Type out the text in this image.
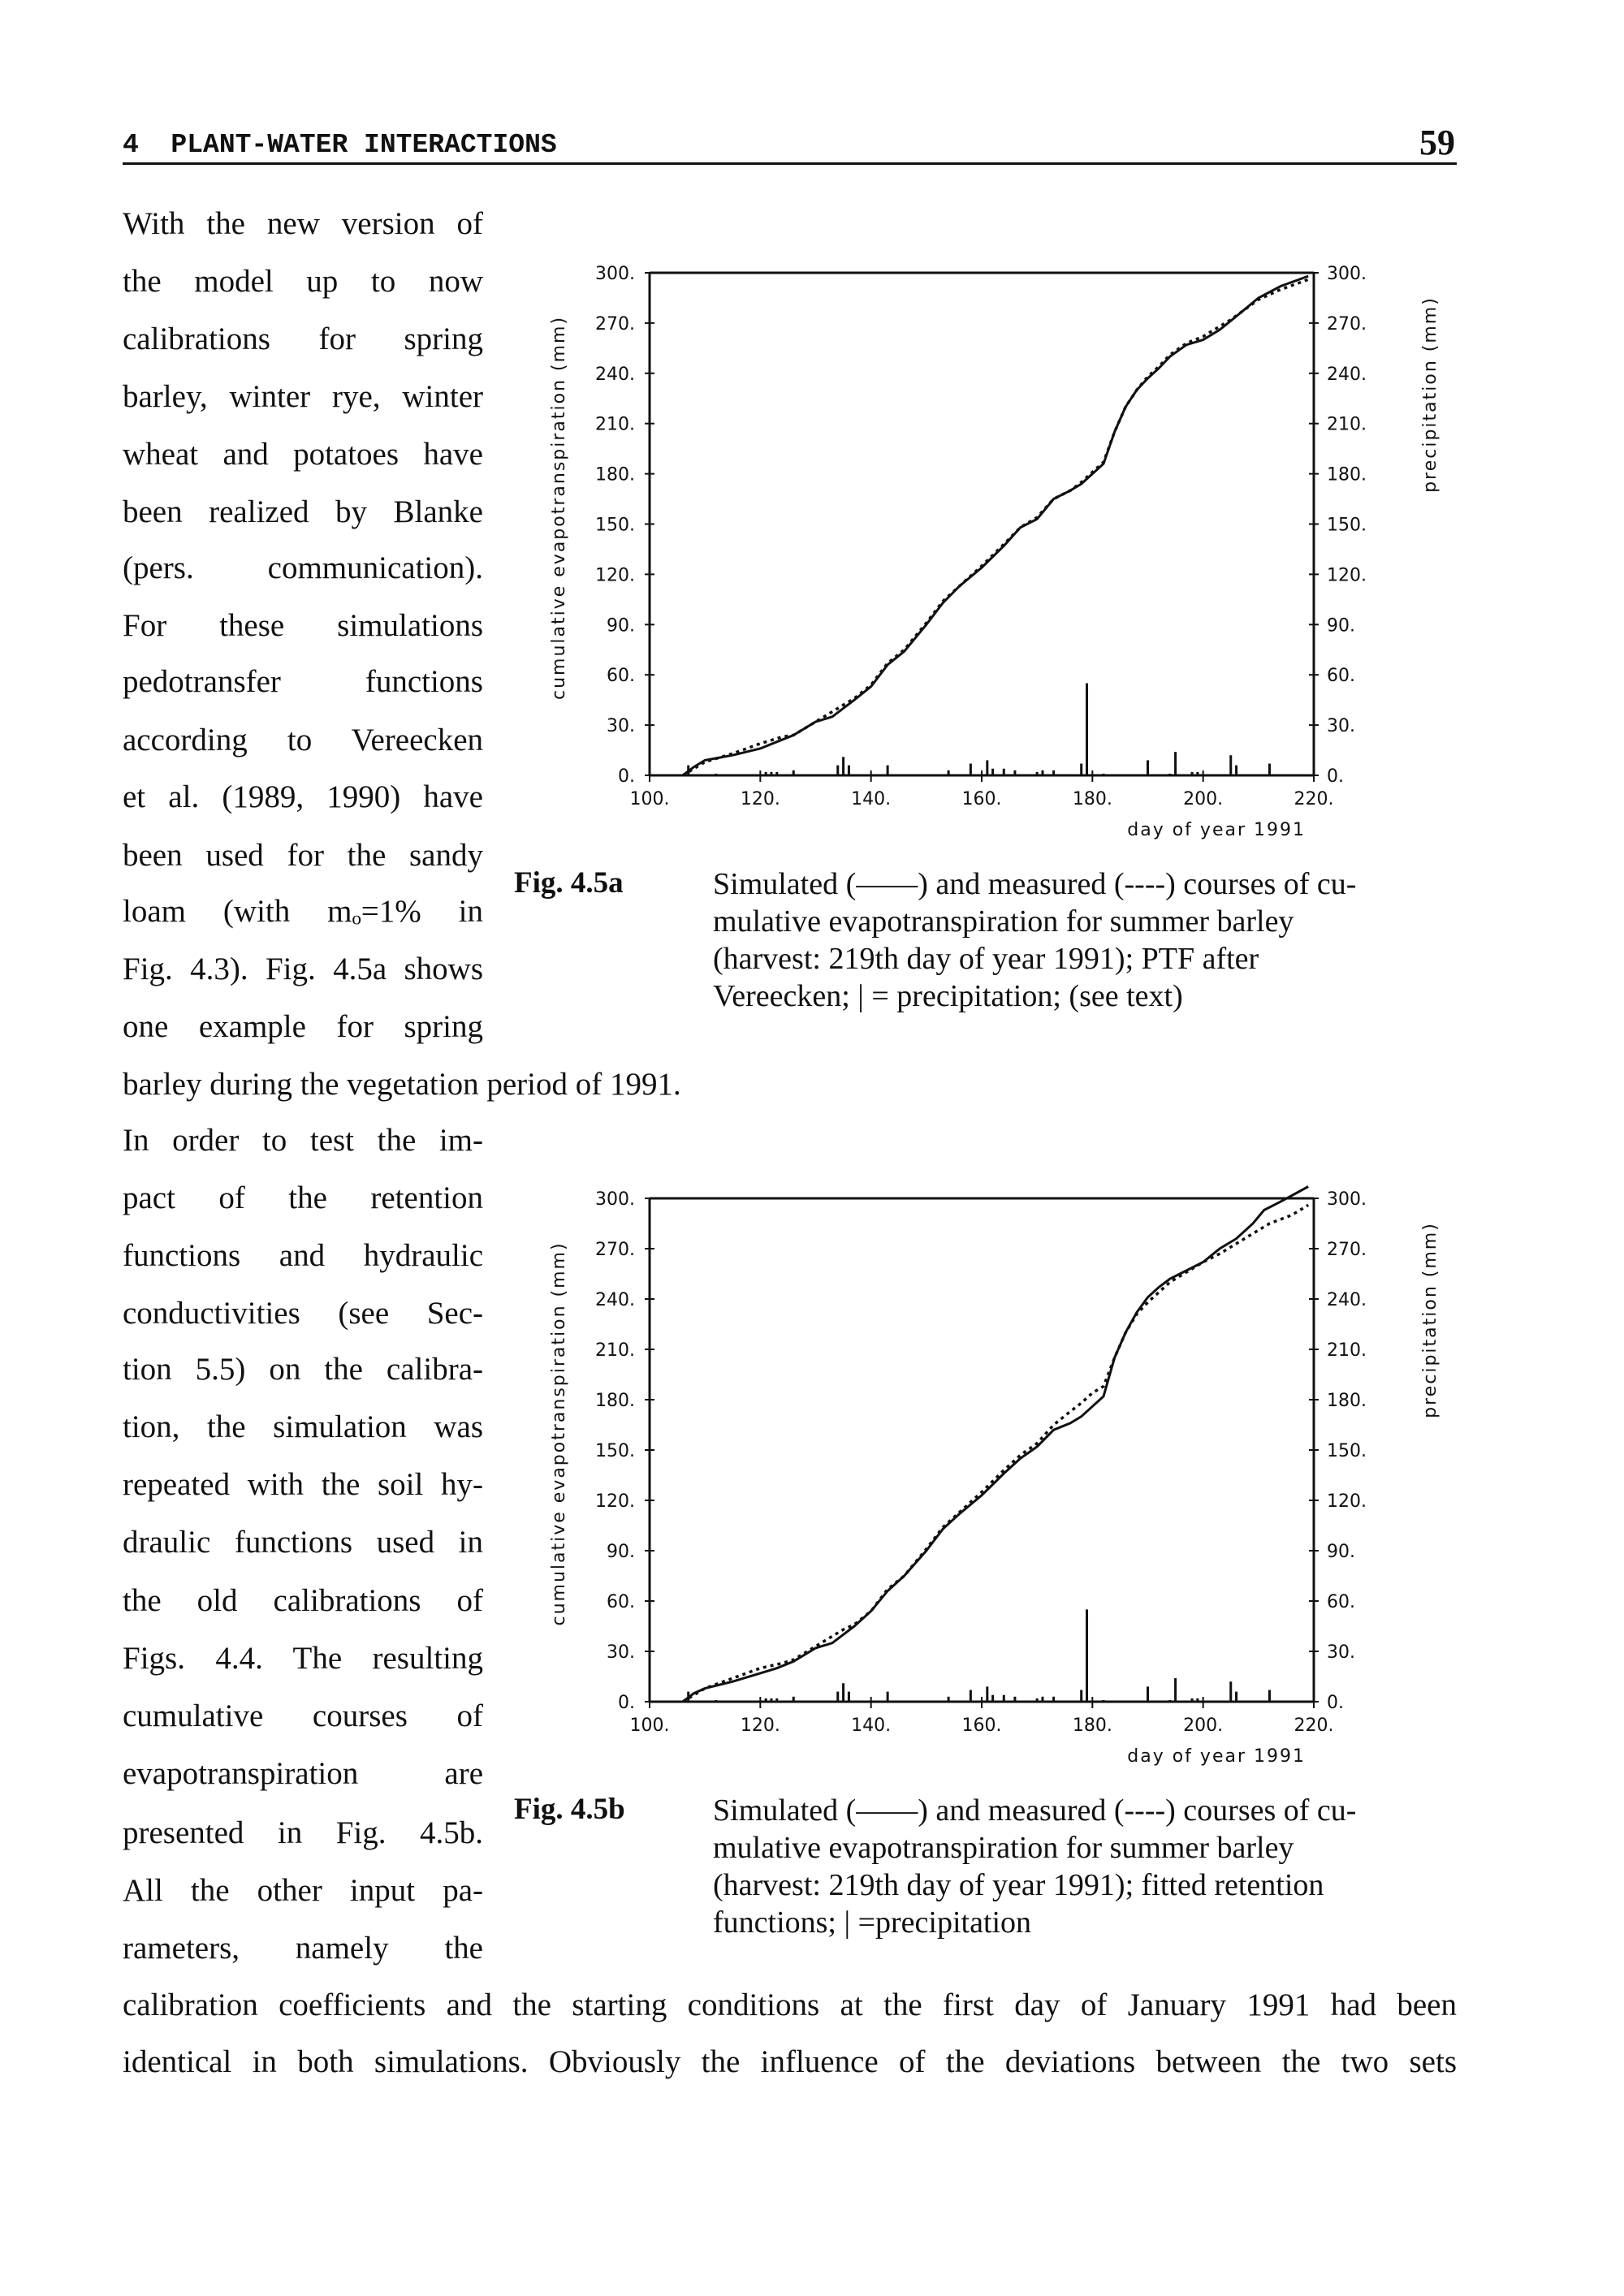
4  PLANT-WATER INTERACTIONS	59
With the new version of
the model up to now
calibrations for spring
barley, winter rye, winter
wheat and potatoes have
been realized by Blanke
(pers. communication).
For these simulations
pedotransfer functions
according to Vereecken
et al. (1989, 1990) have
been used for the sandy
loam (with mₒ=1% in
Fig. 4.3). Fig. 4.5a shows
one example for spring
barley during the vegetation period of 1991.
In order to test the im-
pact of the retention
functions and hydraulic
conductivities (see Sec-
tion 5.5) on the calibra-
tion, the simulation was
repeated with the soil hy-
draulic functions used in
the old calibrations of
Figs. 4.4. The resulting
cumulative courses of
evapotranspiration are
presented in Fig. 4.5b.
All the other input pa-
rameters, namely the
calibration coefficients and the starting conditions at the first day of January 1991 had been
identical in both simulations. Obviously the influence of the deviations between the two sets
Fig. 4.5a	Simulated (——) and measured (----) courses of cu-
mulative evapotranspiration for summer barley
(harvest: 219th day of year 1991); PTF after
Vereecken; | = precipitation; (see text)
Fig. 4.5b	Simulated (——) and measured (----) courses of cu-
mulative evapotranspiration for summer barley
(harvest: 219th day of year 1991); fitted retention
functions; | =precipitation
0.	0.
30.	30.
60.	60.
90.	90.
120.	120.
150.	150.
180.	180.
210.	210.
240.	240.
270.	270.
300.	300.
100.	120.	140.	160.	180.	200.	220.
day of year 1991
cumulative evapotranspiration (mm)	precipitation (mm)
0.	0.
30.	30.
60.	60.
90.	90.
120.	120.
150.	150.
180.	180.
210.	210.
240.	240.
270.	270.
300.	300.
100.	120.	140.	160.	180.	200.	220.
day of year 1991
cumulative evapotranspiration (mm)	precipitation (mm)
